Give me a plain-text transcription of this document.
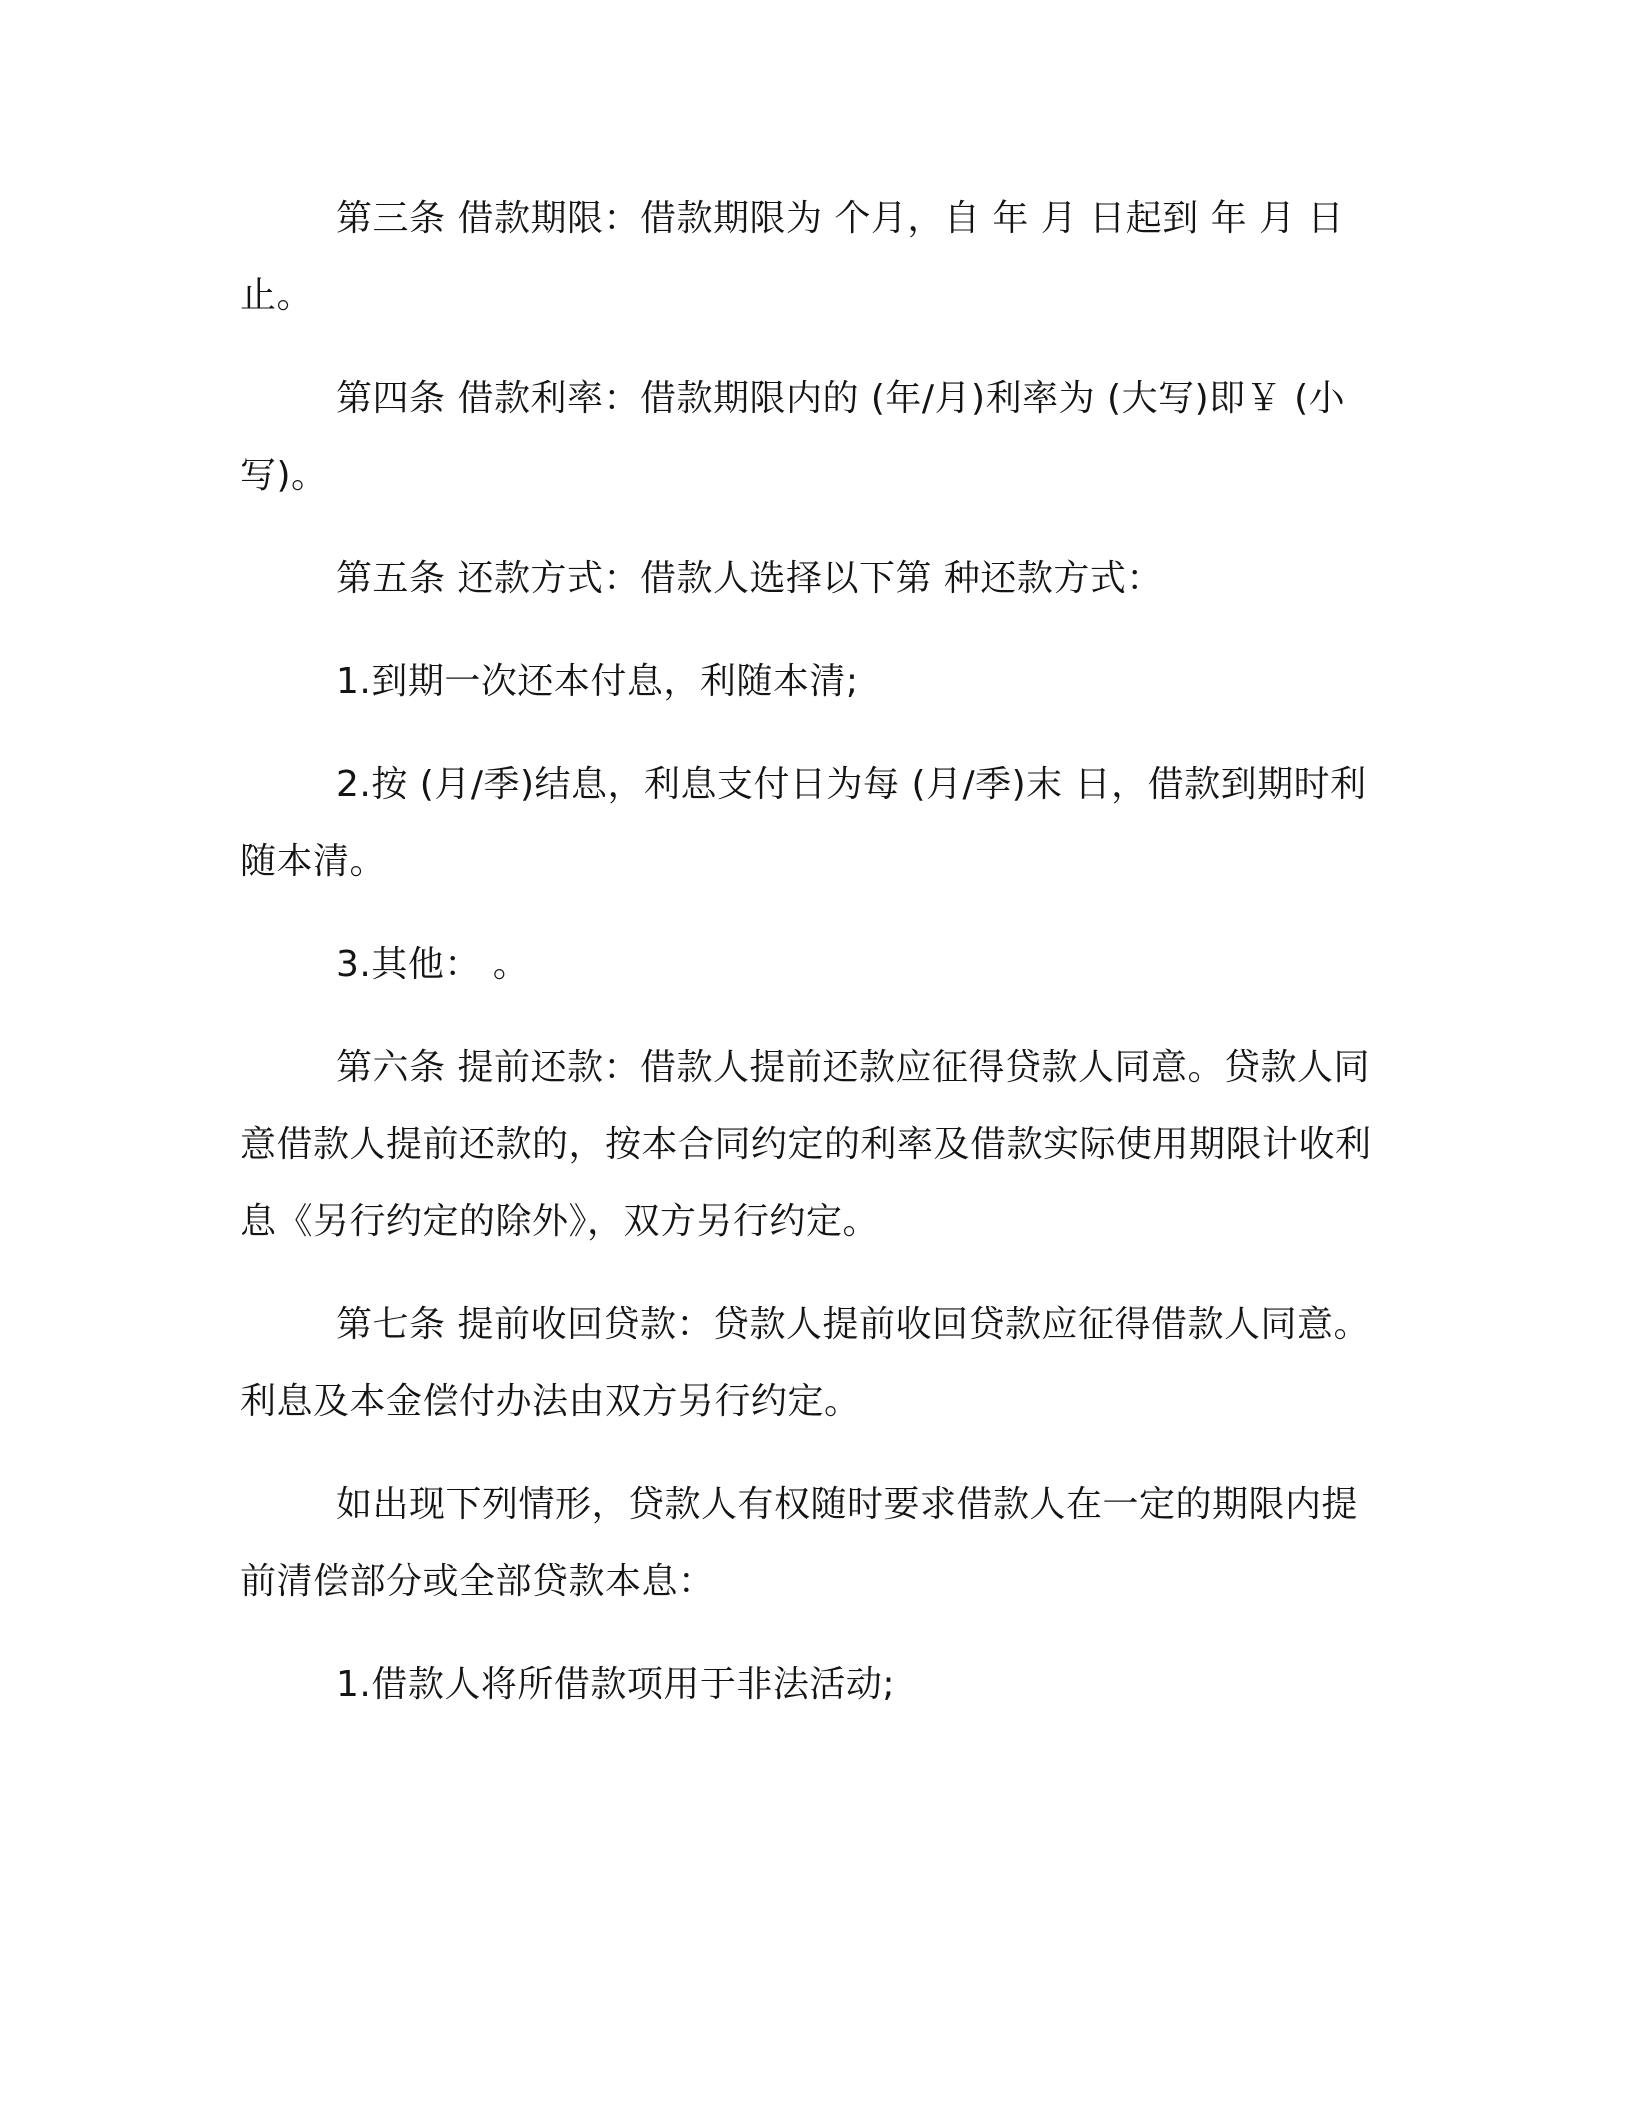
第三条 借款期限：借款期限为 个月，自 年 月 日起到 年 月 日止。

第四条 借款利率：借款期限内的 (年/月)利率为 (大写)即￥ (小写)。

第五条 还款方式：借款人选择以下第 种还款方式：

1.到期一次还本付息，利随本清;

2.按 (月/季)结息，利息支付日为每 (月/季)末 日，借款到期时利随本清。

3.其他： 。

第六条 提前还款：借款人提前还款应征得贷款人同意。贷款人同意借款人提前还款的，按本合同约定的利率及借款实际使用期限计收利息《另行约定的除外》，双方另行约定。

第七条 提前收回贷款：贷款人提前收回贷款应征得借款人同意。利息及本金偿付办法由双方另行约定。

如出现下列情形，贷款人有权随时要求借款人在一定的期限内提前清偿部分或全部贷款本息：

1.借款人将所借款项用于非法活动;
